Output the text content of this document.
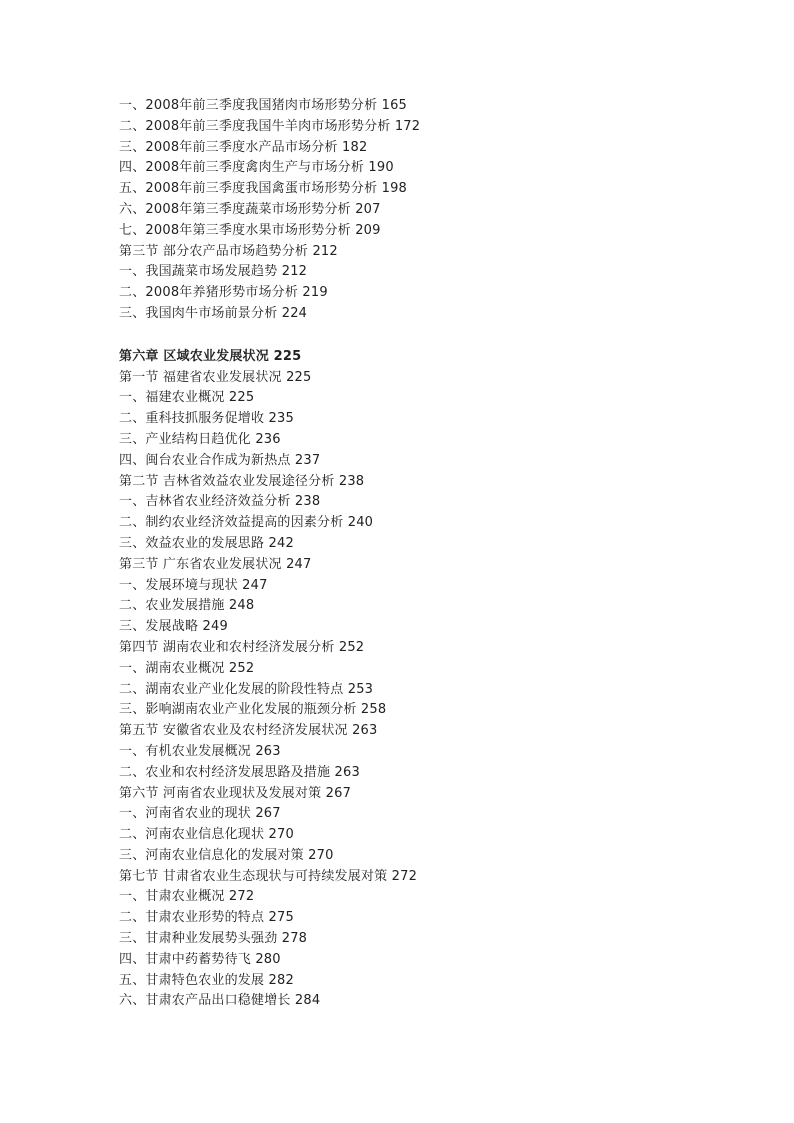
一、2008年前三季度我国猪肉市场形势分析 165
二、2008年前三季度我国牛羊肉市场形势分析 172
三、2008年前三季度水产品市场分析 182
四、2008年前三季度禽肉生产与市场分析 190
五、2008年前三季度我国禽蛋市场形势分析 198
六、2008年第三季度蔬菜市场形势分析 207
七、2008年第三季度水果市场形势分析 209
第三节 部分农产品市场趋势分析 212
一、我国蔬菜市场发展趋势 212
二、2008年养猪形势市场分析 219
三、我国肉牛市场前景分析 224
第六章 区域农业发展状况 225
第一节 福建省农业发展状况 225
一、福建农业概况 225
二、重科技抓服务促增收 235
三、产业结构日趋优化 236
四、闽台农业合作成为新热点 237
第二节 吉林省效益农业发展途径分析 238
一、吉林省农业经济效益分析 238
二、制约农业经济效益提高的因素分析 240
三、效益农业的发展思路 242
第三节 广东省农业发展状况 247
一、发展环境与现状 247
二、农业发展措施 248
三、发展战略 249
第四节 湖南农业和农村经济发展分析 252
一、湖南农业概况 252
二、湖南农业产业化发展的阶段性特点 253
三、影响湖南农业产业化发展的瓶颈分析 258
第五节 安徽省农业及农村经济发展状况 263
一、有机农业发展概况 263
二、农业和农村经济发展思路及措施 263
第六节 河南省农业现状及发展对策 267
一、河南省农业的现状 267
二、河南农业信息化现状 270
三、河南农业信息化的发展对策 270
第七节 甘肃省农业生态现状与可持续发展对策 272
一、甘肃农业概况 272
二、甘肃农业形势的特点 275
三、甘肃种业发展势头强劲 278
四、甘肃中药蓄势待飞 280
五、甘肃特色农业的发展 282
六、甘肃农产品出口稳健增长 284
